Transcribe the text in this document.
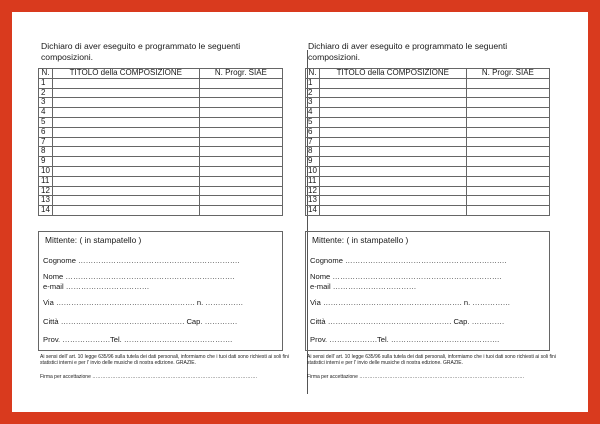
Dichiaro di aver eseguito e programmato le seguenti composizioni.
N.	TITOLO della COMPOSIZIONE	N. Progr. SIAE
1		
2		
3		
4		
5		
6		
7		
8		
9		
10		
11		
12		
13		
14		
Mittente: ( in stampatello )
Cognome ……………………………………………………….
Nome ………………………………………………………….
e-mail ……………………………
Via ………………………………………………. n. ……………
Città …………………………………………. Cap. ………….
Prov. ……………….Tel. …………………………………….
Ai sensi dell' art. 10 legge 635/96 sulla tutela dei dati personali, informiamo che i tuoi dati sono richiesti ai soli fini statistici interni e per l' invio delle musiche di nostra edizione. GRAZIE.
Firma per accettazione ………………………………………………………………………………………
Dichiaro di aver eseguito e programmato le seguenti composizioni.
N.	TITOLO della COMPOSIZIONE	N. Progr. SIAE
1		
2		
3		
4		
5		
6		
7		
8		
9		
10		
11		
12		
13		
14		
Mittente: ( in stampatello )
Cognome ……………………………………………………….
Nome ………………………………………………………….
e-mail ……………………………
Via ………………………………………………. n. ……………
Città …………………………………………. Cap. ………….
Prov. ……………….Tel. …………………………………….
Ai sensi dell' art. 10 legge 635/96 sulla tutela dei dati personali, informiamo che i tuoi dati sono richiesti ai soli fini statistici interni e per l' invio delle musiche di nostra edizione. GRAZIE.
Firma per accettazione ………………………………………………………………………………………
